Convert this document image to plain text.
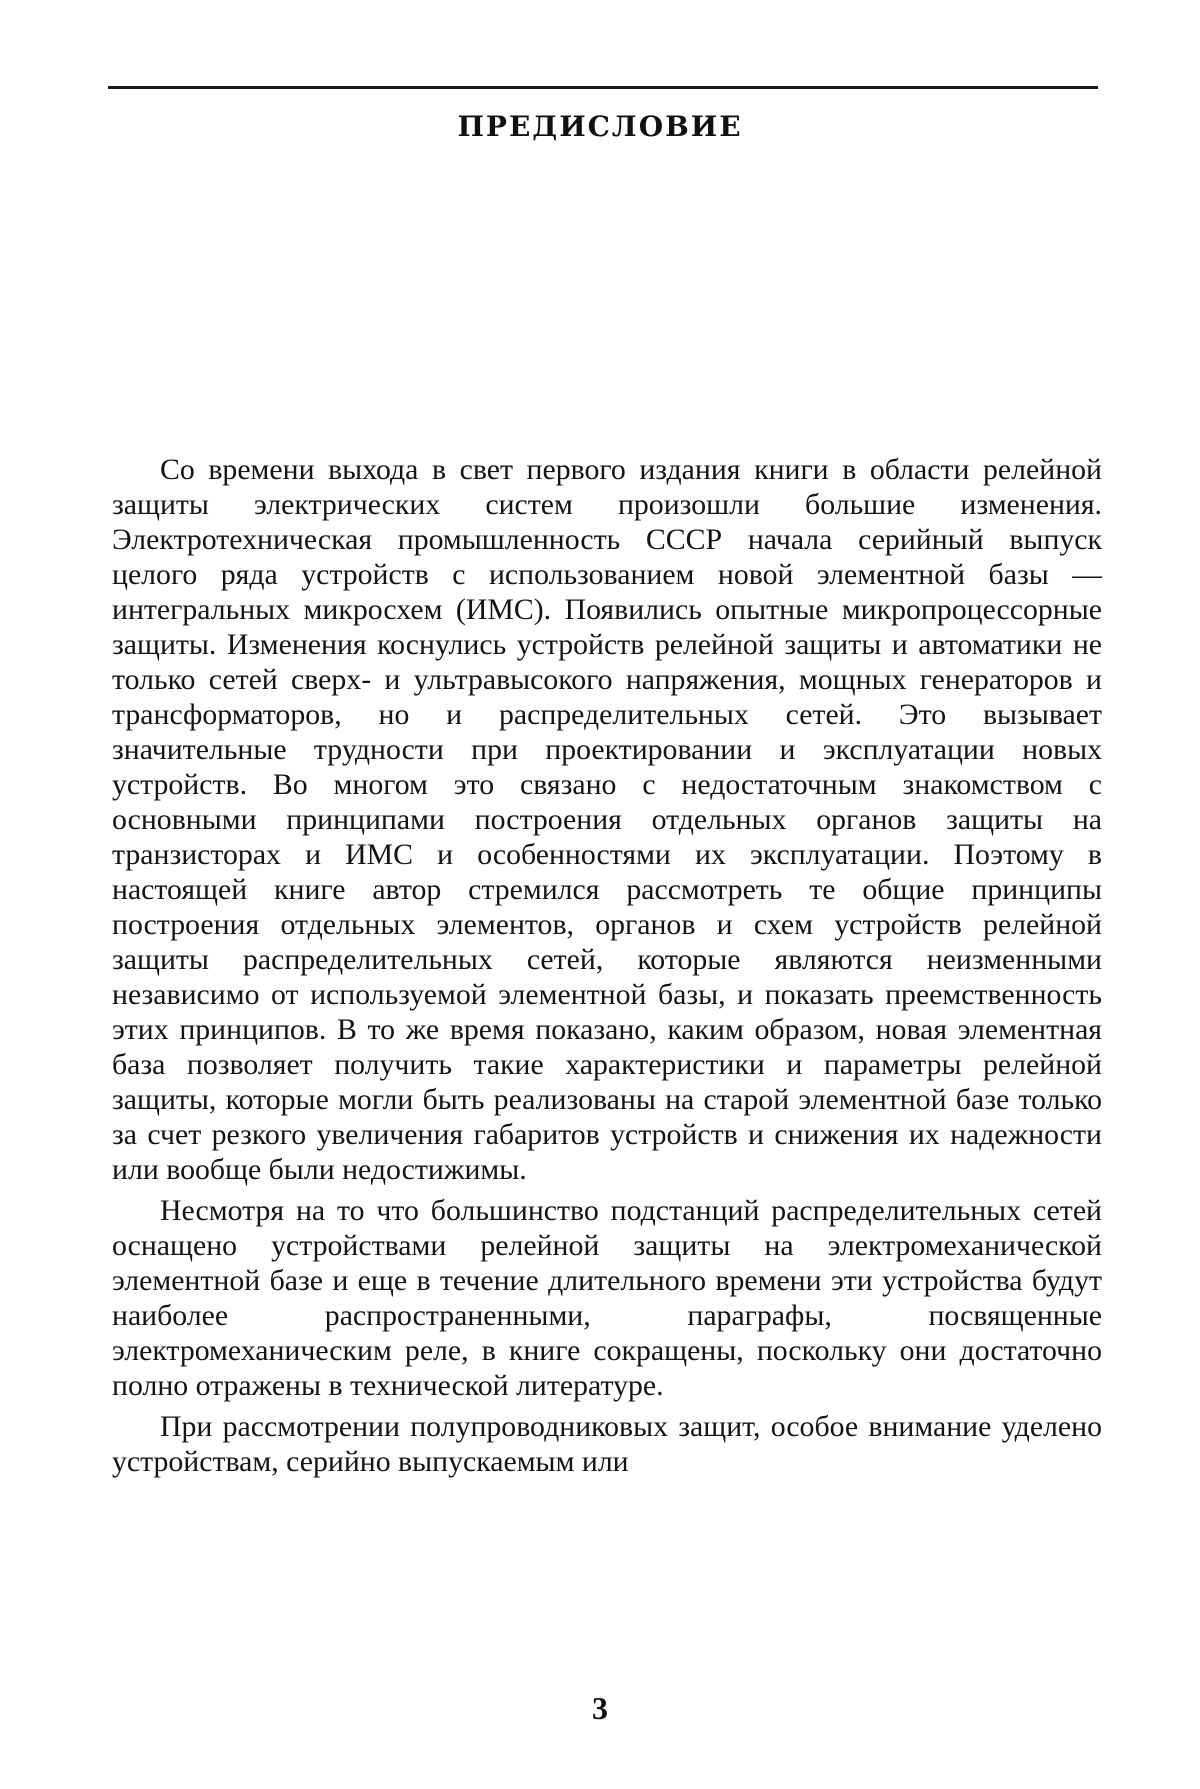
ПРЕДИСЛОВИЕ

Со времени выхода в свет первого издания книги в области релейной защиты электрических систем произошли большие изменения. Электротехническая промышленность СССР начала серийный выпуск целого ряда устройств с использованием новой элементной базы — интегральных микросхем (ИМС). Появились опытные микропроцессорные защиты. Изменения коснулись устройств релейной защиты и автоматики не только сетей сверх- и ультравысокого напряжения, мощных генераторов и трансформаторов, но и распределительных сетей. Это вызывает значительные трудности при проектировании и эксплуатации новых устройств. Во многом это связано с недостаточным знакомством с основными принципами построения отдельных органов защиты на транзисторах и ИМС и особенностями их эксплуатации. Поэтому в настоящей книге автор стремился рассмотреть те общие принципы построения отдельных элементов, органов и схем устройств релейной защиты распределительных сетей, которые являются неизменными независимо от используемой элементной базы, и показать преемственность этих принципов. В то же время показано, каким образом, новая элементная база позволяет получить такие характеристики и параметры релейной защиты, которые могли быть реализованы на старой элементной базе только за счет резкого увеличения габаритов устройств и снижения их надежности или вообще были недостижимы.

Несмотря на то что большинство подстанций распределительных сетей оснащено устройствами релейной защиты на электромеханической элементной базе и еще в течение длительного времени эти устройства будут наиболее распространенными, параграфы, посвященные электромеханическим реле, в книге сокращены, поскольку они достаточно полно отражены в технической литературе.

При рассмотрении полупроводниковых защит, особое внимание уделено устройствам, серийно выпускаемым или

3
